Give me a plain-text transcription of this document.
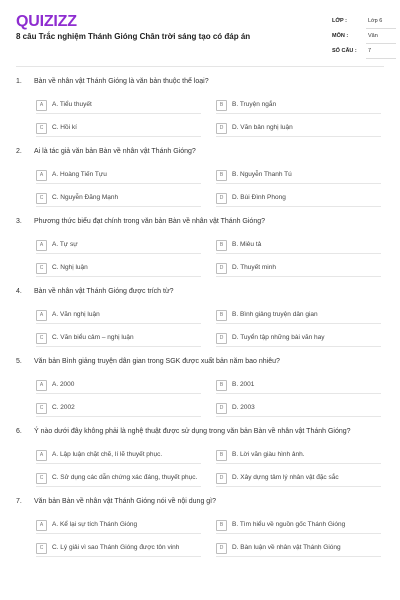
QUIZIZZ
8 câu Trắc nghiệm Thánh Gióng Chân trời sáng tạo có đáp án
LỚP :	Lớp 6
MÔN :	Văn
SỐ CÂU : 7
1. Bàn về nhân vật Thánh Gióng là văn bản thuộc thể loại?
A	A. Tiểu thuyết	B	B. Truyện ngắn
C	C. Hồi kí	D	D. Văn bản nghị luận
2. Ai là tác giả văn bản Bàn về nhân vật Thánh Gióng?
A	A. Hoàng Tiến Tựu	B	B. Nguyễn Thanh Tú
C	C. Nguyễn Đăng Mạnh	D	D. Bùi Đình Phong
3. Phương thức biểu đạt chính trong văn bản Bàn về nhân vật Thánh Gióng?
A	A. Tự sự	B	B. Miêu tả
C	C. Nghị luận	D	D. Thuyết minh
4. Bàn về nhân vật Thánh Gióng được trích từ?
A	A. Văn nghị luận	B	B. Bình giảng truyện dân gian
C	C. Văn biểu cảm – nghị luận	D	D. Tuyển tập những bài văn hay
5. Văn bản Bình giảng truyện dân gian trong SGK được xuất bản năm bao nhiêu?
A	A. 2000	B	B. 2001
C	C. 2002	D	D. 2003
6. Ý nào dưới đây không phải là nghệ thuật được sử dụng trong văn bản Bàn về nhân vật Thánh Gióng?
A	A. Lập luận chặt chẽ, lí lẽ thuyết phục.	B	B. Lời văn giàu hình ảnh.
C	C. Sử dụng các dẫn chứng xác đáng, thuyết phục.	D	D. Xây dựng tâm lý nhân vật đặc sắc
7. Văn bản Bàn về nhân vật Thánh Gióng nói về nội dung gì?
A	A. Kể lại sự tích Thánh Gióng	B	B. Tìm hiểu về nguồn gốc Thánh Gióng
C	C. Lý giải vì sao Thánh Gióng được tôn vinh	D	D. Bàn luận về nhân vật Thánh Gióng
